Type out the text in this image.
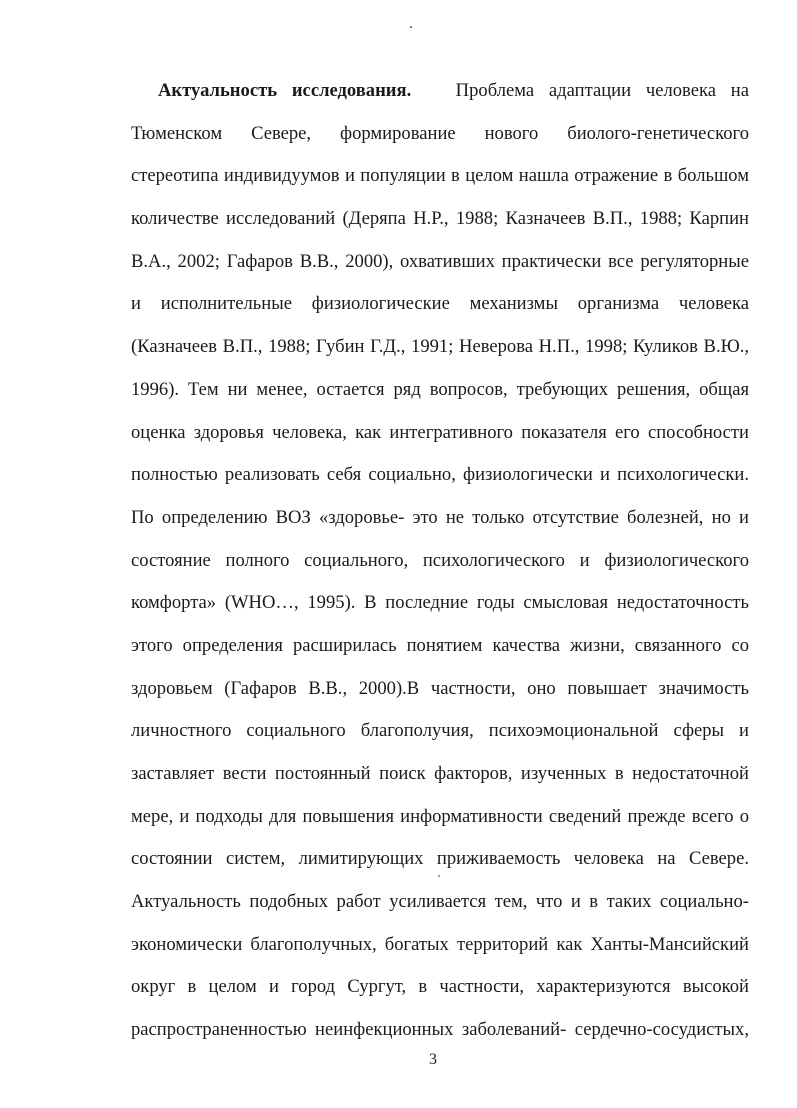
Актуальность исследования. Проблема адаптации человека на
Тюменском Севере, формирование нового биолого-генетического
стереотипа индивидуумов и популяции в целом нашла отражение в большом
количестве исследований (Деряпа Н.Р., 1988; Казначеев В.П., 1988; Карпин
В.А., 2002; Гафаров В.В., 2000), охвативших практически все регуляторные
и исполнительные физиологические механизмы организма человека
(Казначеев В.П., 1988; Губин Г.Д., 1991; Неверова Н.П., 1998; Куликов В.Ю.,
1996). Тем ни менее, остается ряд вопросов, требующих решения, общая
оценка здоровья человека, как интегративного показателя его способности
полностью реализовать себя социально, физиологически и психологически.
По определению ВОЗ «здоровье- это не только отсутствие болезней, но и
состояние полного социального, психологического и физиологического
комфорта» (WHO…, 1995). В последние годы смысловая недостаточность
этого определения расширилась понятием качества жизни, связанного со
здоровьем (Гафаров В.В., 2000).В частности, оно повышает значимость
личностного социального благополучия, психоэмоциональной сферы и
заставляет вести постоянный поиск факторов, изученных в недостаточной
мере, и подходы для повышения информативности сведений прежде всего о
состоянии систем, лимитирующих приживаемость человека на Севере.
Актуальность подобных работ усиливается тем, что и в таких социально-
экономически благополучных, богатых территорий как Ханты-Мансийский
округ в целом и город Сургут, в частности, характеризуются высокой
распространенностью неинфекционных заболеваний- сердечно-сосудистых,
3
